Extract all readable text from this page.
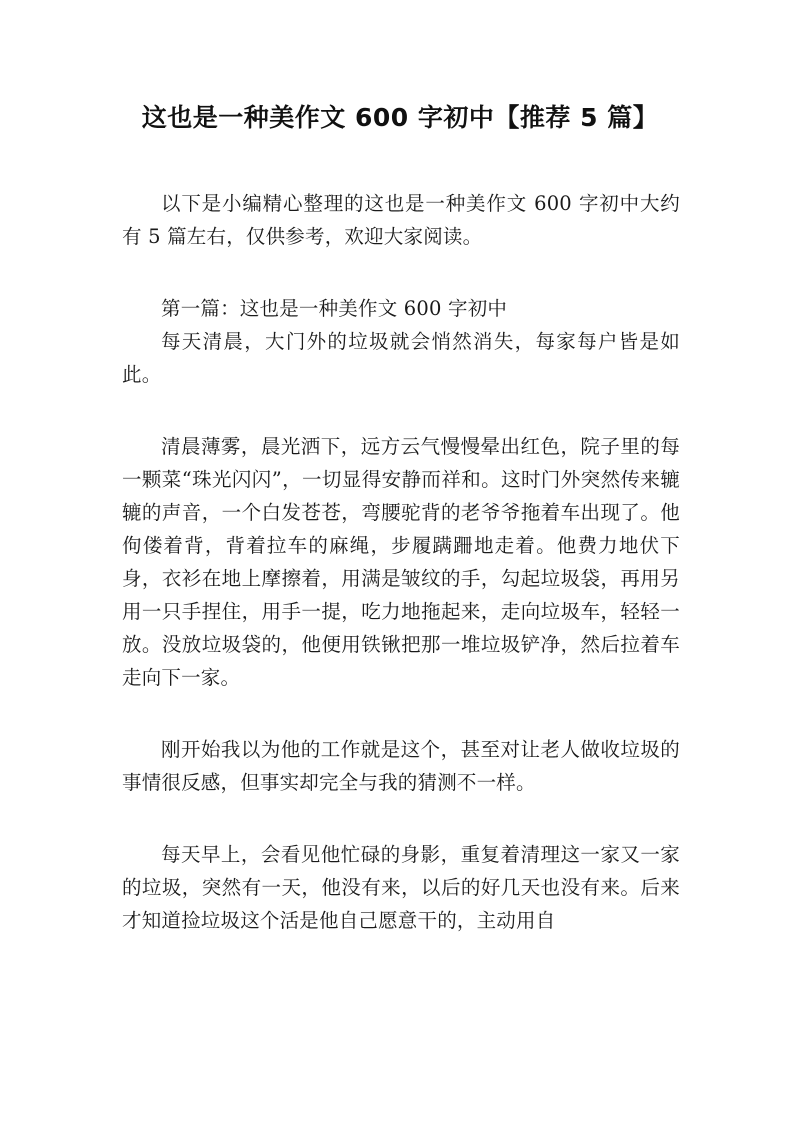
这也是一种美作文 600 字初中【推荐 5 篇】

以下是小编精心整理的这也是一种美作文 600 字初中大约有 5 篇左右，仅供参考，欢迎大家阅读。

第一篇：这也是一种美作文 600 字初中

每天清晨，大门外的垃圾就会悄然消失，每家每户皆是如此。

清晨薄雾，晨光洒下，远方云气慢慢晕出红色，院子里的每一颗菜“珠光闪闪”，一切显得安静而祥和。这时门外突然传来辘辘的声音，一个白发苍苍，弯腰驼背的老爷爷拖着车出现了。他佝偻着背，背着拉车的麻绳，步履蹒跚地走着。他费力地伏下身，衣衫在地上摩擦着，用满是皱纹的手，勾起垃圾袋，再用另用一只手捏住，用手一提，吃力地拖起来，走向垃圾车，轻轻一放。没放垃圾袋的，他便用铁锹把那一堆垃圾铲净，然后拉着车走向下一家。

刚开始我以为他的工作就是这个，甚至对让老人做收垃圾的事情很反感，但事实却完全与我的猜测不一样。

每天早上，会看见他忙碌的身影，重复着清理这一家又一家的垃圾，突然有一天，他没有来，以后的好几天也没有来。后来才知道捡垃圾这个活是他自己愿意干的，主动用自
